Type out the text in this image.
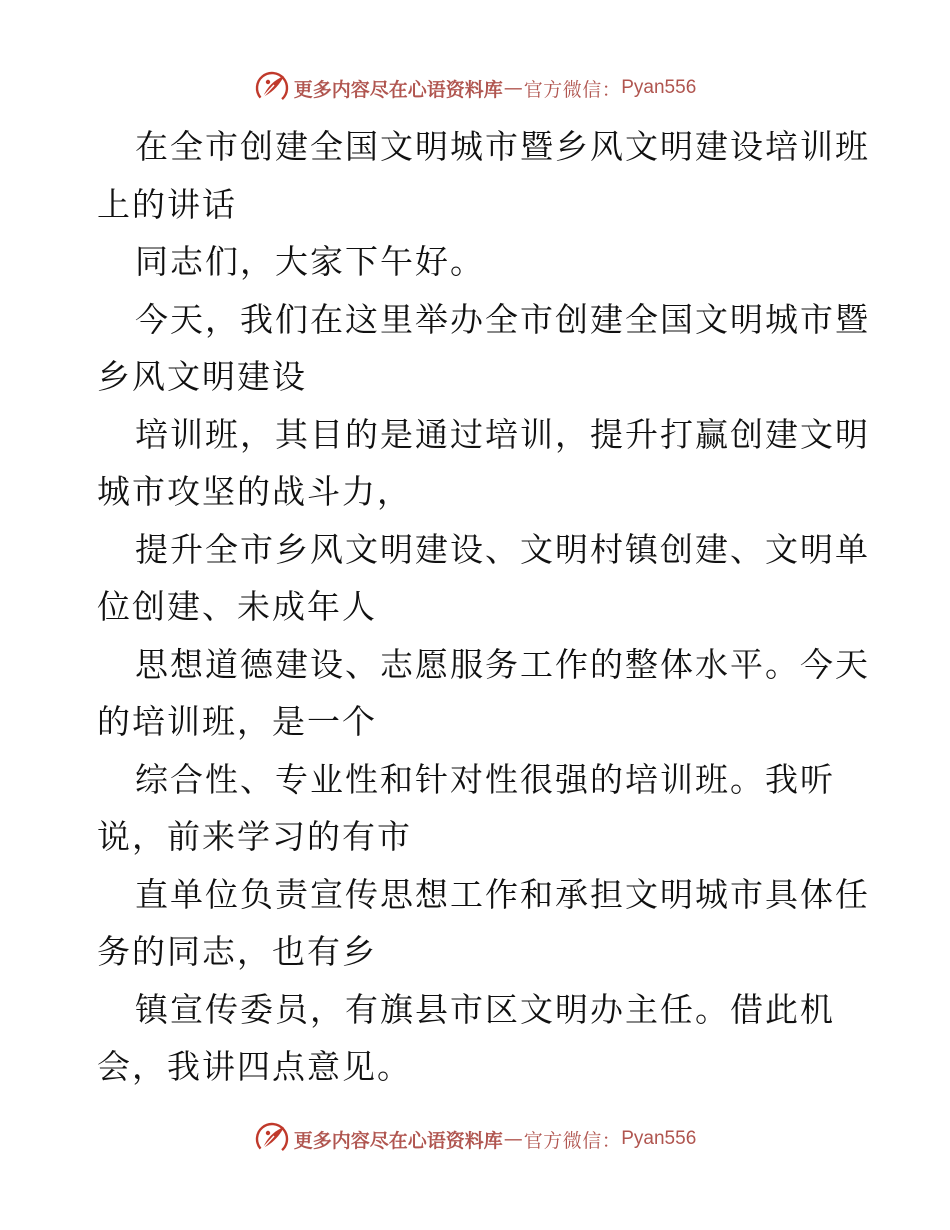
更多内容尽在心语资料库 — 官方微信： Pyan556

在全市创建全国文明城市暨乡风文明建设培训班
上的讲话

同志们，大家下午好。

今天，我们在这里举办全市创建全国文明城市暨
乡风文明建设

培训班，其目的是通过培训，提升打赢创建文明
城市攻坚的战斗力，

提升全市乡风文明建设、文明村镇创建、文明单
位创建、未成年人

思想道德建设、志愿服务工作的整体水平。今天
的培训班，是一个

综合性、专业性和针对性很强的培训班。我听
说，前来学习的有市

直单位负责宣传思想工作和承担文明城市具体任
务的同志，也有乡

镇宣传委员，有旗县市区文明办主任。借此机
会，我讲四点意见。

更多内容尽在心语资料库 — 官方微信： Pyan556
